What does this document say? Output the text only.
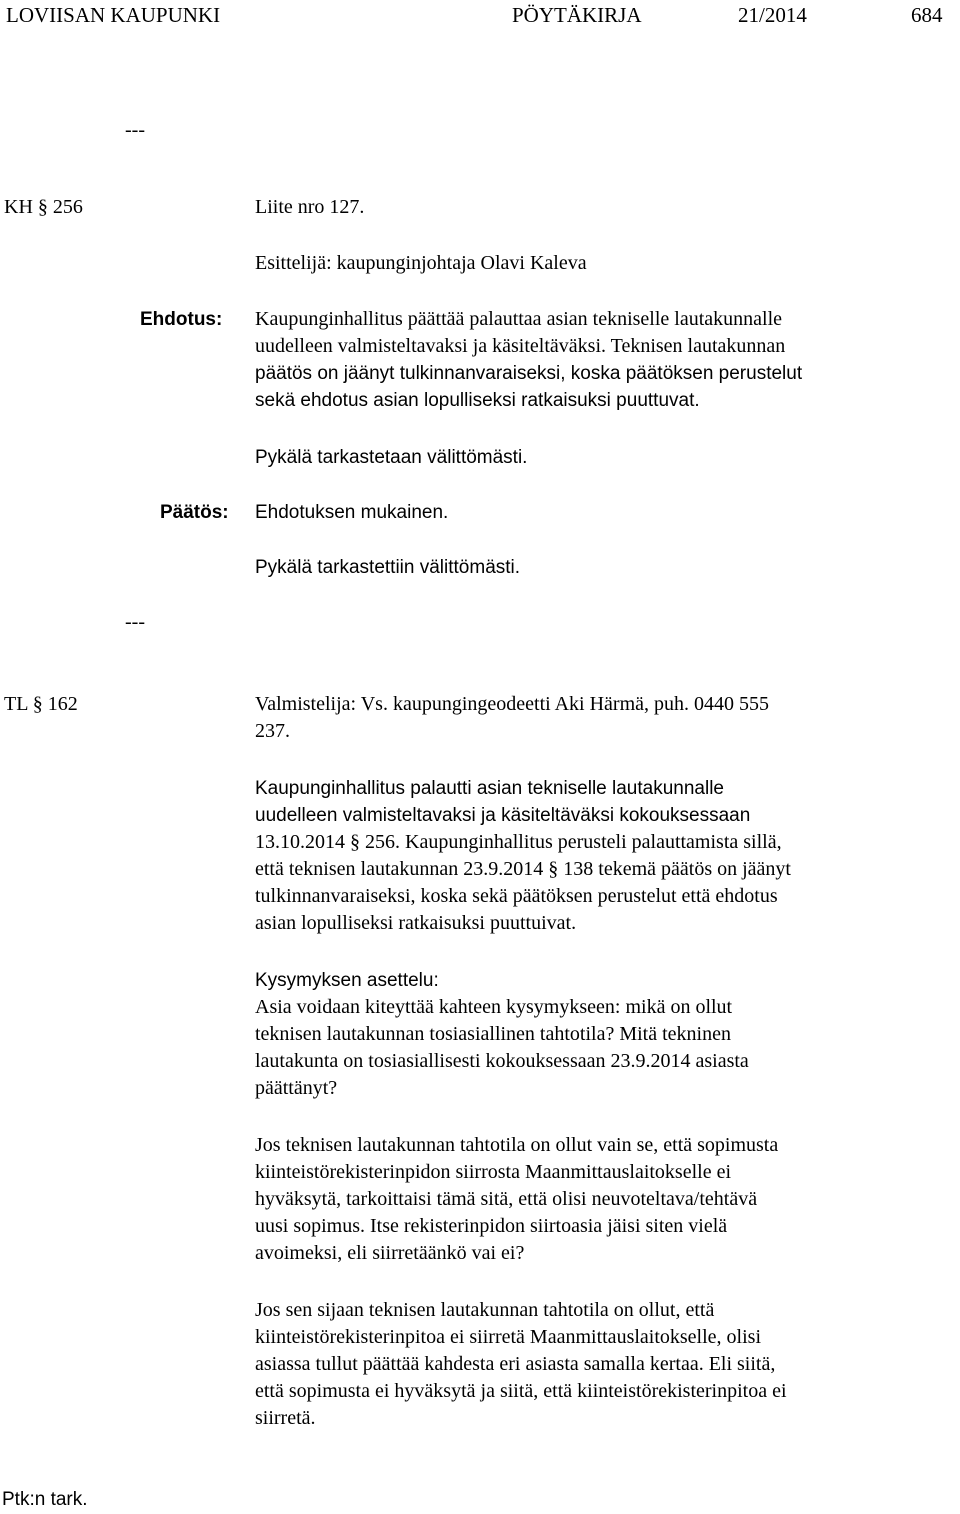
LOVIISAN KAUPUNKI	PÖYTÄKIRJA	21/2014	684
---
KH § 256	Liite nro 127.
Esittelijä: kaupunginjohtaja Olavi Kaleva
Ehdotus: Kaupunginhallitus päättää palauttaa asian tekniselle lautakunnalle

uudelleen valmisteltavaksi ja käsiteltäväksi. Teknisen lautakunnan

päätös on jäänyt tulkinnanvaraiseksi, koska päätöksen perustelut

sekä ehdotus asian lopulliseksi ratkaisuksi puuttuvat.

Pykälä tarkastetaan välittömästi.
Päätös: Ehdotuksen mukainen.
Pykälä tarkastettiin välittömästi.
---
TL § 162	Valmistelija: Vs. kaupungingeodeetti Aki Härmä, puh. 0440 555

237.

Kaupunginhallitus palautti asian tekniselle lautakunnalle

uudelleen valmisteltavaksi ja käsiteltäväksi kokouksessaan

13.10.2014 § 256. Kaupunginhallitus perusteli palauttamista sillä,

että teknisen lautakunnan 23.9.2014 § 138 tekemä päätös on jäänyt

tulkinnanvaraiseksi, koska sekä päätöksen perustelut että ehdotus

asian lopulliseksi ratkaisuksi puuttuivat.

Kysymyksen asettelu:

Asia voidaan kiteyttää kahteen kysymykseen: mikä on ollut

teknisen lautakunnan tosiasiallinen tahtotila? Mitä tekninen

lautakunta on tosiasiallisesti kokouksessaan 23.9.2014 asiasta

päättänyt?

Jos teknisen lautakunnan tahtotila on ollut vain se, että sopimusta

kiinteistörekisterinpidon siirrosta Maanmittauslaitokselle ei

hyväksytä, tarkoittaisi tämä sitä, että olisi neuvoteltava/tehtävä

uusi sopimus. Itse rekisterinpidon siirtoasia jäisi siten vielä

avoimeksi, eli siirretäänkö vai ei?

Jos sen sijaan teknisen lautakunnan tahtotila on ollut, että

kiinteistörekisterinpitoa ei siirretä Maanmittauslaitokselle, olisi

asiassa tullut päättää kahdesta eri asiasta samalla kertaa. Eli siitä,

että sopimusta ei hyväksytä ja siitä, että kiinteistörekisterinpitoa ei

siirretä.

Ptk:n tark.
